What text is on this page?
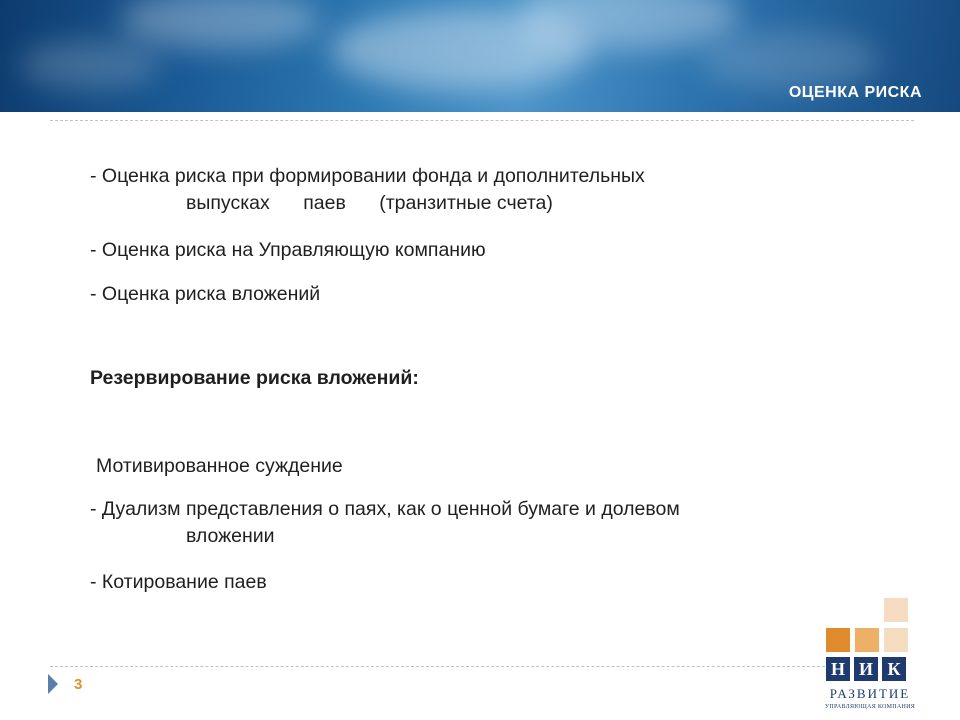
ОЦЕНКА РИСКА

- Оценка риска при формировании фонда и дополнительных

выпусках паев (транзитные счета)

- Оценка риска на Управляющую компанию

- Оценка риска вложений

Резервирование риска вложений:

Мотивированное суждение

- Дуализм представления о паях, как о ценной бумаге и долевом

вложении

- Котирование паев

3
Н И К
РАЗВИТИЕ
УПРАВЛЯЮЩАЯ КОМПАНИЯ
